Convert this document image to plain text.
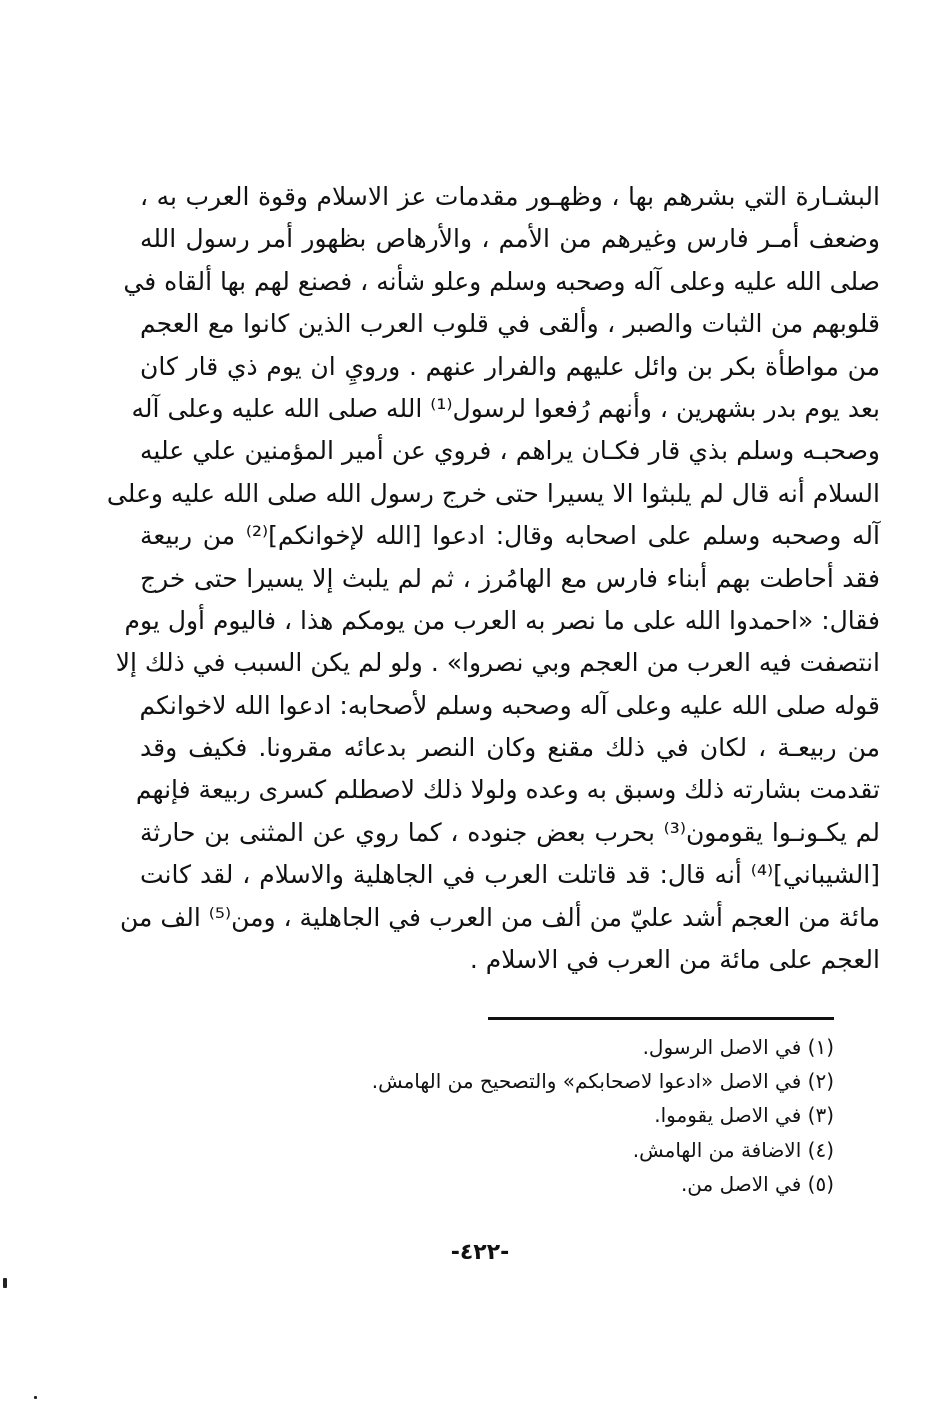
البشـارة التي بشرهم بها ، وظهـور مقدمات عز الاسلام وقوة العرب به ،
وضعف أمـر فارس وغيرهم من الأمم ، والأرهاص بظهور أمر رسول الله
صلى الله عليه وعلى آله وصحبه وسلم وعلو شأنه ، فصنع لهم بها ألقاه في
قلوبهم من الثبات والصبر ، وألقى في قلوب العرب الذين كانوا مع العجم
من مواطأة بكر بن وائل عليهم والفرار عنهم . ورويِ ان يوم ذي قار كان
بعد يوم بدر بشهرين ، وأنهم رُفعوا لرسول⁽¹⁾ الله صلى الله عليه وعلى آله
وصحبـه وسلم بذي قار فكـان يراهم ، فروي عن أمير المؤمنين علي عليه
السلام أنه قال لم يلبثوا الا يسيرا حتى خرج رسول الله صلى الله عليه وعلى
آله وصحبه وسلم على اصحابه وقال: ادعوا [الله لإخوانكم]⁽²⁾ من ربيعة
فقد أحاطت بهم أبناء فارس مع الهامُرز ، ثم لم يلبث إلا يسيرا حتى خرج
فقال: «احمدوا الله على ما نصر به العرب من يومكم هذا ، فاليوم أول يوم
انتصفت فيه العرب من العجم وبي نصروا» . ولو لم يكن السبب في ذلك إلا
قوله صلى الله عليه وعلى آله وصحبه وسلم لأصحابه: ادعوا الله لاخوانكم
من ربيعـة ، لكان في ذلك مقنع وكان النصر بدعائه مقرونا. فكيف وقد
تقدمت بشارته ذلك وسبق به وعده ولولا ذلك لاصطلم كسرى ربيعة فإنهم
لم يكـونـوا يقومون⁽³⁾ بحرب بعض جنوده ، كما روي عن المثنى بن حارثة
[الشيباني]⁽⁴⁾ أنه قال: قد قاتلت العرب في الجاهلية والاسلام ، لقد كانت
مائة من العجم أشد عليّ من ألف من العرب في الجاهلية ، ومن⁽⁵⁾ الف من
العجم على مائة من العرب في الاسلام .
(١) في الاصل الرسول.
(٢) في الاصل «ادعوا لاصحابكم» والتصحيح من الهامش.
(٣) في الاصل يقوموا.
(٤) الاضافة من الهامش.
(٥) في الاصل من.
-٤٢٢-
